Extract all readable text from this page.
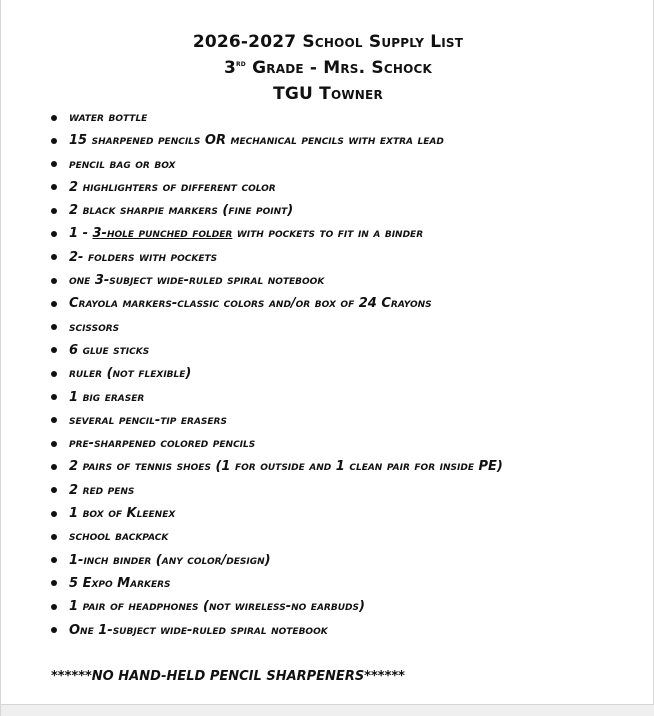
2026-2027 School Supply List
3rd Grade - Mrs. Schock
TGU Towner
water bottle
15 sharpened pencils OR mechanical pencils with extra lead
pencil bag or box
2 highlighters of different color
2 black sharpie markers (fine point)
1 - 3-hole punched folder with pockets to fit in a binder
2- folders with pockets
one 3-subject wide-ruled spiral notebook
Crayola markers-classic colors and/or box of 24 Crayons
scissors
6 glue sticks
ruler (not flexible)
1 big eraser
several pencil-tip erasers
pre-sharpened colored pencils
2 pairs of tennis shoes (1 for outside and 1 clean pair for inside PE)
2 red pens
1 box of Kleenex
school backpack
1-inch binder (any color/design)
5 Expo Markers
1 pair of headphones (not wireless-no earbuds)
One 1-subject wide-ruled spiral notebook
******NO HAND-HELD PENCIL SHARPENERS******
